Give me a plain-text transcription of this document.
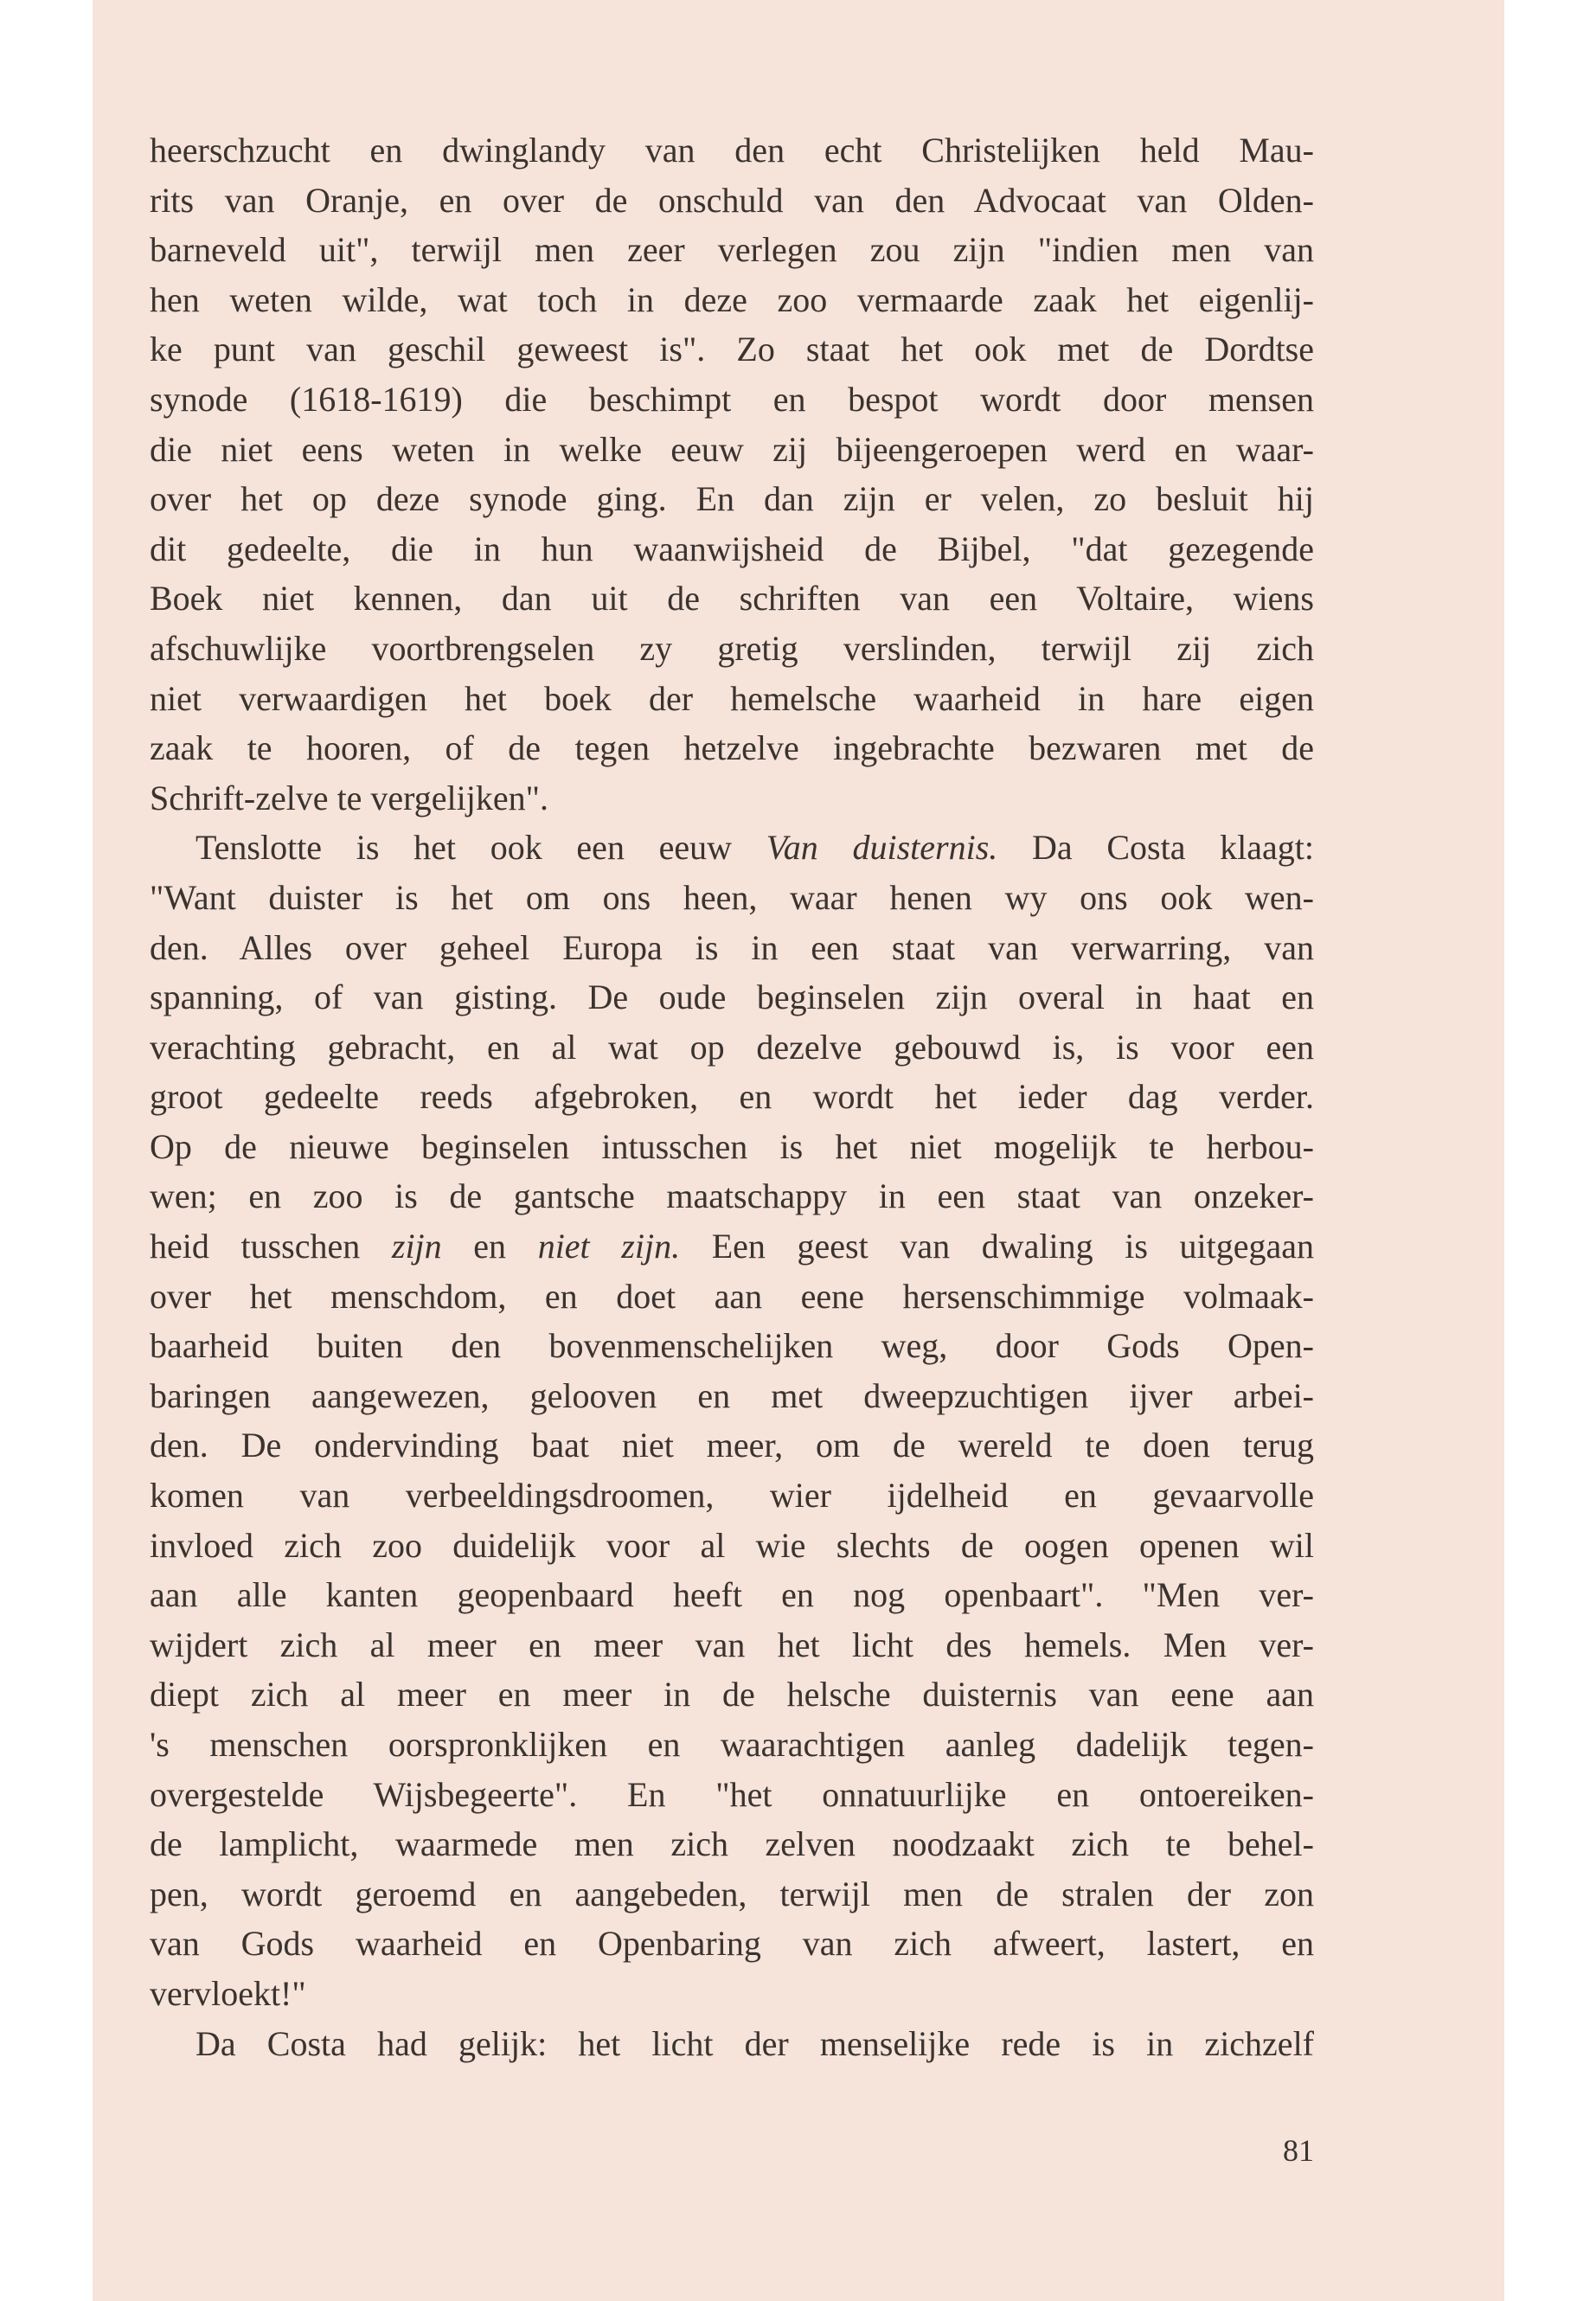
heerschzucht en dwinglandy van den echt Christelijken held Mau-
rits van Oranje, en over de onschuld van den Advocaat van Olden-
barneveld uit", terwijl men zeer verlegen zou zijn "indien men van
hen weten wilde, wat toch in deze zoo vermaarde zaak het eigenlij-
ke punt van geschil geweest is". Zo staat het ook met de Dordtse
synode (1618-1619) die beschimpt en bespot wordt door mensen
die niet eens weten in welke eeuw zij bijeengeroepen werd en waar-
over het op deze synode ging. En dan zijn er velen, zo besluit hij
dit gedeelte, die in hun waanwijsheid de Bijbel, "dat gezegende
Boek niet kennen, dan uit de schriften van een Voltaire, wiens
afschuwlijke voortbrengselen zy gretig verslinden, terwijl zij zich
niet verwaardigen het boek der hemelsche waarheid in hare eigen
zaak te hooren, of de tegen hetzelve ingebrachte bezwaren met de
Schrift-zelve te vergelijken".
Tenslotte is het ook een eeuw Van duisternis. Da Costa klaagt:
"Want duister is het om ons heen, waar henen wy ons ook wen-
den. Alles over geheel Europa is in een staat van verwarring, van
spanning, of van gisting. De oude beginselen zijn overal in haat en
verachting gebracht, en al wat op dezelve gebouwd is, is voor een
groot gedeelte reeds afgebroken, en wordt het ieder dag verder.
Op de nieuwe beginselen intusschen is het niet mogelijk te herbou-
wen; en zoo is de gantsche maatschappy in een staat van onzeker-
heid tusschen zijn en niet zijn. Een geest van dwaling is uitgegaan
over het menschdom, en doet aan eene hersenschimmige volmaak-
baarheid buiten den bovenmenschelijken weg, door Gods Open-
baringen aangewezen, gelooven en met dweepzuchtigen ijver arbei-
den. De ondervinding baat niet meer, om de wereld te doen terug
komen van verbeeldingsdroomen, wier ijdelheid en gevaarvolle
invloed zich zoo duidelijk voor al wie slechts de oogen openen wil
aan alle kanten geopenbaard heeft en nog openbaart". "Men ver-
wijdert zich al meer en meer van het licht des hemels. Men ver-
diept zich al meer en meer in de helsche duisternis van eene aan
's menschen oorspronklijken en waarachtigen aanleg dadelijk tegen-
overgestelde Wijsbegeerte". En "het onnatuurlijke en ontoereiken-
de lamplicht, waarmede men zich zelven noodzaakt zich te behel-
pen, wordt geroemd en aangebeden, terwijl men de stralen der zon
van Gods waarheid en Openbaring van zich afweert, lastert, en
vervloekt!"
Da Costa had gelijk: het licht der menselijke rede is in zichzelf
81
